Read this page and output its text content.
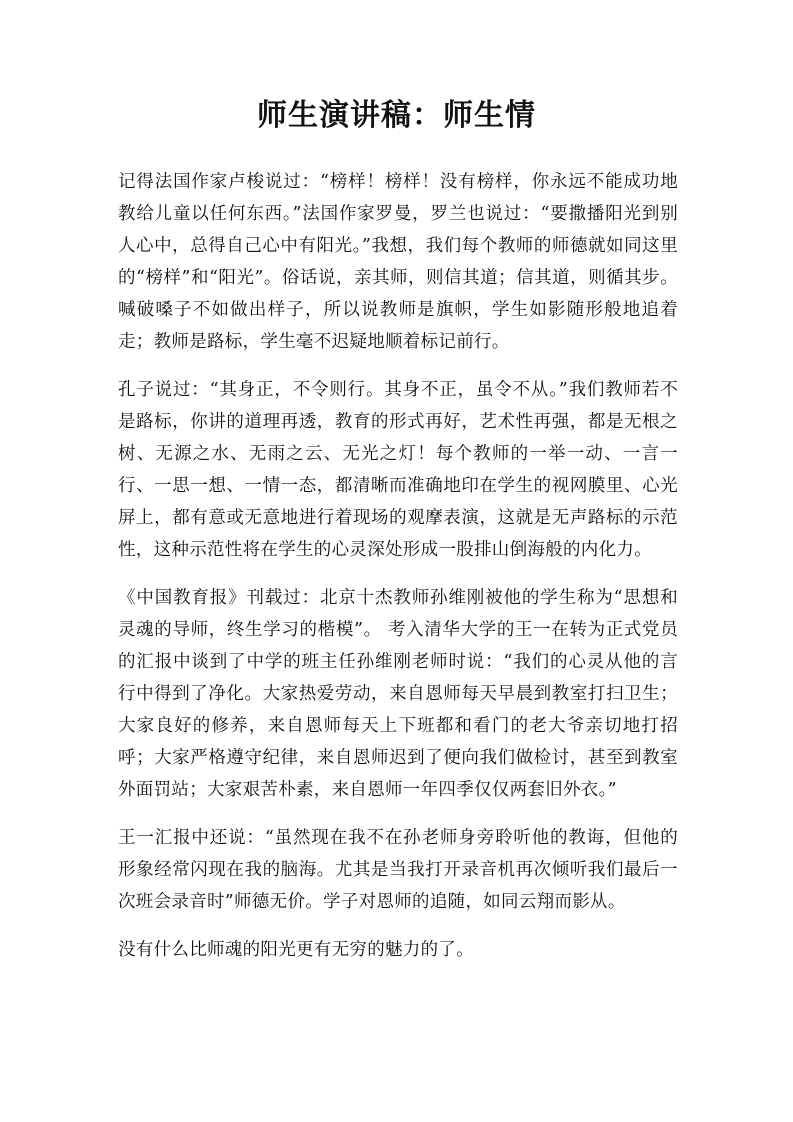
师生演讲稿：师生情

记得法国作家卢梭说过：“榜样！榜样！没有榜样，你永远不能成功地教给儿童以任何东西。”法国作家罗曼，罗兰也说过：“要撒播阳光到别人心中，总得自己心中有阳光。”我想，我们每个教师的师德就如同这里的“榜样”和“阳光”。俗话说，亲其师，则信其道；信其道，则循其步。喊破嗓子不如做出样子，所以说教师是旗帜，学生如影随形般地追着走；教师是路标，学生毫不迟疑地顺着标记前行。

孔子说过：“其身正，不令则行。其身不正，虽令不从。”我们教师若不是路标，你讲的道理再透，教育的形式再好，艺术性再强，都是无根之树、无源之水、无雨之云、无光之灯！每个教师的一举一动、一言一行、一思一想、一情一态，都清晰而准确地印在学生的视网膜里、心光屏上，都有意或无意地进行着现场的观摩表演，这就是无声路标的示范性，这种示范性将在学生的心灵深处形成一股排山倒海般的内化力。

《中国教育报》刊载过：北京十杰教师孙维刚被他的学生称为“思想和灵魂的导师，终生学习的楷模”。 考入清华大学的王一在转为正式党员的汇报中谈到了中学的班主任孙维刚老师时说：“我们的心灵从他的言行中得到了净化。大家热爱劳动，来自恩师每天早晨到教室打扫卫生；大家良好的修养，来自恩师每天上下班都和看门的老大爷亲切地打招呼；大家严格遵守纪律，来自恩师迟到了便向我们做检讨，甚至到教室外面罚站；大家艰苦朴素，来自恩师一年四季仅仅两套旧外衣。”

王一汇报中还说：“虽然现在我不在孙老师身旁聆听他的教诲，但他的形象经常闪现在我的脑海。尤其是当我打开录音机再次倾听我们最后一次班会录音时”师德无价。学子对恩师的追随，如同云翔而影从。

没有什么比师魂的阳光更有无穷的魅力的了。
